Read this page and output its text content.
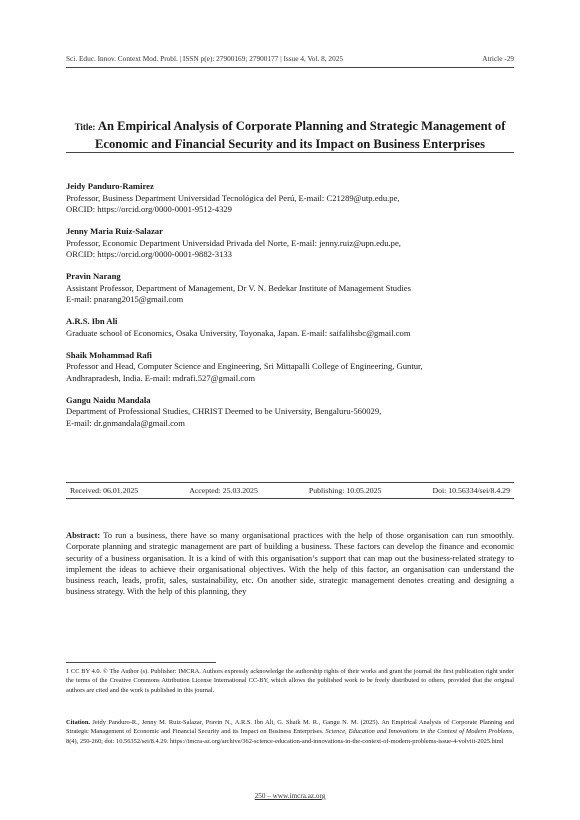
Sci. Educ. Innov. Context Mod. Probl. | ISSN p(e): 27900169; 27900177 | Issue 4, Vol. 8, 2025	Atricle -29
Title: An Empirical Analysis of Corporate Planning and Strategic Management of
Economic and Financial Security and its Impact on Business Enterprises
Jeidy Panduro-Ramirez
Professor, Business Department Universidad Tecnológica del Perú, E-mail: C21289@utp.edu.pe,
ORCID: https://orcid.org/0000-0001-9512-4329
Jenny Maria Ruiz-Salazar
Professor, Economic Department Universidad Privada del Norte, E-mail: jenny.ruiz@upn.edu.pe,
ORCID: https://orcid.org/0000-0001-9882-3133
Pravin Narang
Assistant Professor, Department of Management, Dr V. N. Bedekar Institute of Management Studies
E-mail: pnarang2015@gmail.com
A.R.S. Ibn Ali
Graduate school of Economics, Osaka University, Toyonaka, Japan. E-mail: saifalihsbc@gmail.com
Shaik Mohammad Rafi
Professor and Head, Computer Science and Engineering, Sri Mittapalli College of Engineering, Guntur,
Andhrapradesh, India. E-mail: mdrafi.527@gmail.com
Gangu Naidu Mandala
Department of Professional Studies, CHRIST Deemed to be University, Bengaluru-560029,
E-mail: dr.gnmandala@gmail.com
Received: 06.01.2025	Accepted: 25.03.2025	Publishing: 10.05.2025	Doi: 10.56334/sei/8.4.29
Abstract: To run a business, there have so many organisational practices with the help of those organisation can run smoothly. Corporate planning and strategic management are part of building a business. These factors can develop the finance and economic security of a business organisation. It is a kind of with this organisation’s support that can map out the business-related strategy to implement the ideas to achieve their organisational objectives. With the help of this factor, an organisation can understand the business reach, leads, profit, sales, sustainability, etc. On another side, strategic management denotes creating and designing a business strategy. With the help of this planning, they
1 CC BY 4.0. © The Author (s). Publisher: IMCRA. Authors expressly acknowledge the authorship rights of their works and grant the journal the first publication right under the terms of the Creative Commons Attribution License International CC-BY, which allows the published work to be freely distributed to others, provided that the original authors are cited and the work is published in this journal.
Citation. Jeidy Panduro-R., Jenny M. Ruiz-Salazar, Pravin N., A.R.S. Ibn Ali, G. Shaik M. R., Gangu N. M. (2025). An Empirical Analysis of Corporate Planning and Strategic Management of Economic and Financial Security and its Impact on Business Enterprises. Science, Education and Innovations in the Context of Modern Problems, 8(4), 250-260; doi: 10.56352/sei/8.4.29. https://imcra-az.org/archive/362-science-education-and-innovations-in-the-context-of-modern-problems-issue-4-volviii-2025.html
250 – www.imcra.az.org
